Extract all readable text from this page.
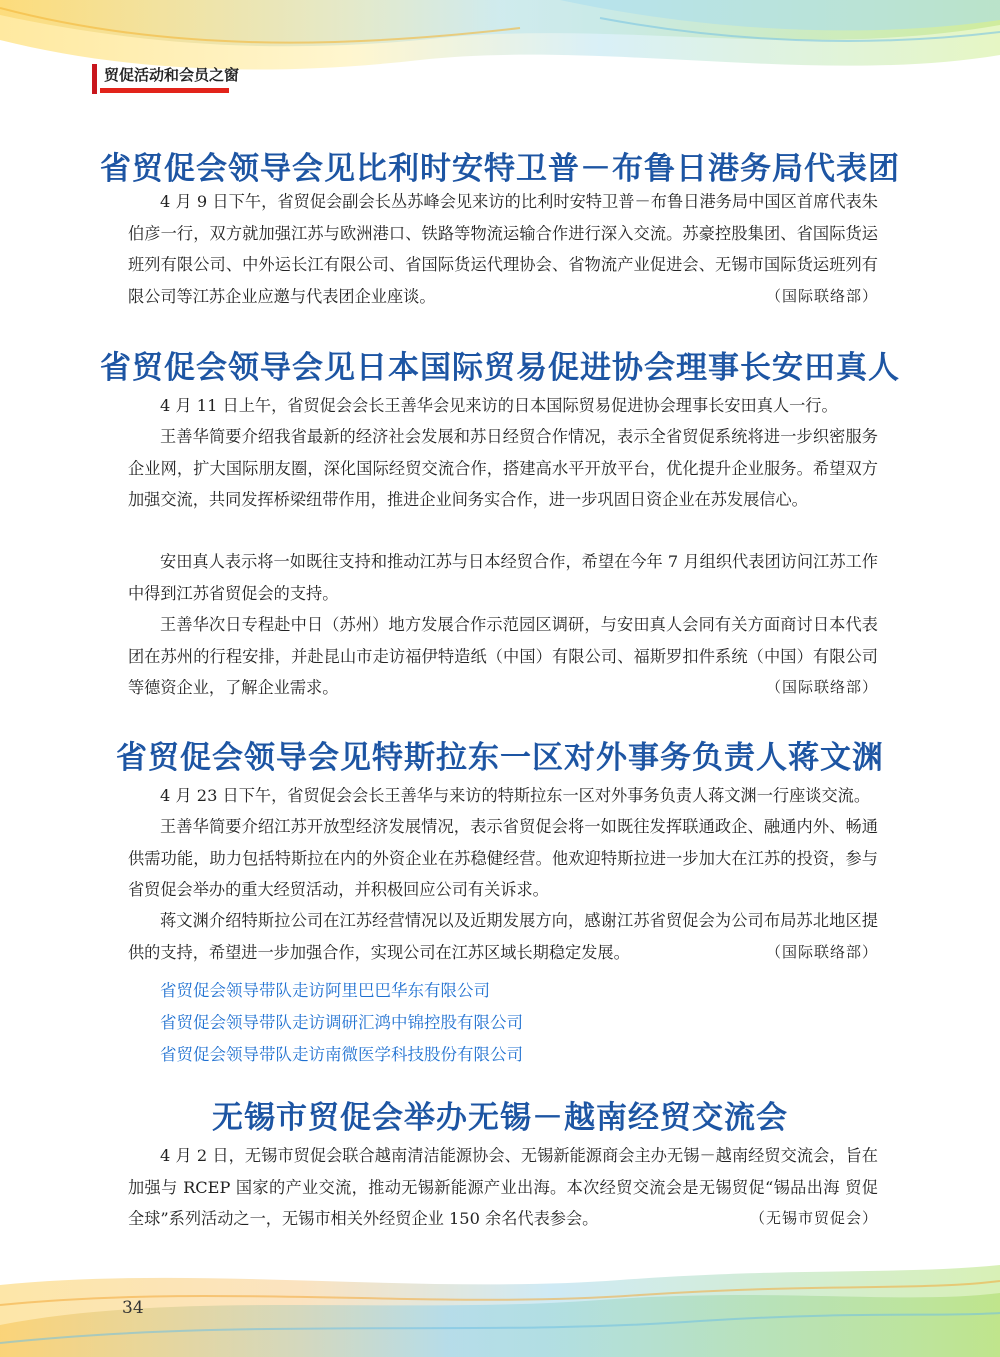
贸促活动和会员之窗
省贸促会领导会见比利时安特卫普－布鲁日港务局代表团

4 月 9 日下午，省贸促会副会长丛苏峰会见来访的比利时安特卫普－布鲁日港务局中国区首席代表朱伯彦一行，双方就加强江苏与欧洲港口、铁路等物流运输合作进行深入交流。苏豪控股集团、省国际货运班列有限公司、中外运长江有限公司、省国际货运代理协会、省物流产业促进会、无锡市国际货运班列有限公司等江苏企业应邀与代表团企业座谈。	（国际联络部）

省贸促会领导会见日本国际贸易促进协会理事长安田真人

4 月 11 日上午，省贸促会会长王善华会见来访的日本国际贸易促进协会理事长安田真人一行。

王善华简要介绍我省最新的经济社会发展和苏日经贸合作情况，表示全省贸促系统将进一步织密服务企业网，扩大国际朋友圈，深化国际经贸交流合作，搭建高水平开放平台，优化提升企业服务。希望双方加强交流，共同发挥桥梁纽带作用，推进企业间务实合作，进一步巩固日资企业在苏发展信心。

安田真人表示将一如既往支持和推动江苏与日本经贸合作，希望在今年 7 月组织代表团访问江苏工作中得到江苏省贸促会的支持。

王善华次日专程赴中日（苏州）地方发展合作示范园区调研，与安田真人会同有关方面商讨日本代表团在苏州的行程安排，并赴昆山市走访福伊特造纸（中国）有限公司、福斯罗扣件系统（中国）有限公司等德资企业，了解企业需求。	（国际联络部）

省贸促会领导会见特斯拉东一区对外事务负责人蒋文渊

4 月 23 日下午，省贸促会会长王善华与来访的特斯拉东一区对外事务负责人蒋文渊一行座谈交流。

王善华简要介绍江苏开放型经济发展情况，表示省贸促会将一如既往发挥联通政企、融通内外、畅通供需功能，助力包括特斯拉在内的外资企业在苏稳健经营。他欢迎特斯拉进一步加大在江苏的投资，参与省贸促会举办的重大经贸活动，并积极回应公司有关诉求。

蒋文渊介绍特斯拉公司在江苏经营情况以及近期发展方向，感谢江苏省贸促会为公司布局苏北地区提供的支持，希望进一步加强合作，实现公司在江苏区域长期稳定发展。	（国际联络部）

省贸促会领导带队走访阿里巴巴华东有限公司
省贸促会领导带队走访调研汇鸿中锦控股有限公司
省贸促会领导带队走访南微医学科技股份有限公司
无锡市贸促会举办无锡－越南经贸交流会

4 月 2 日，无锡市贸促会联合越南清洁能源协会、无锡新能源商会主办无锡－越南经贸交流会，旨在加强与 RCEP 国家的产业交流，推动无锡新能源产业出海。本次经贸交流会是无锡贸促“锡品出海 贸促全球”系列活动之一，无锡市相关外经贸企业 150 余名代表参会。	（无锡市贸促会）

34
